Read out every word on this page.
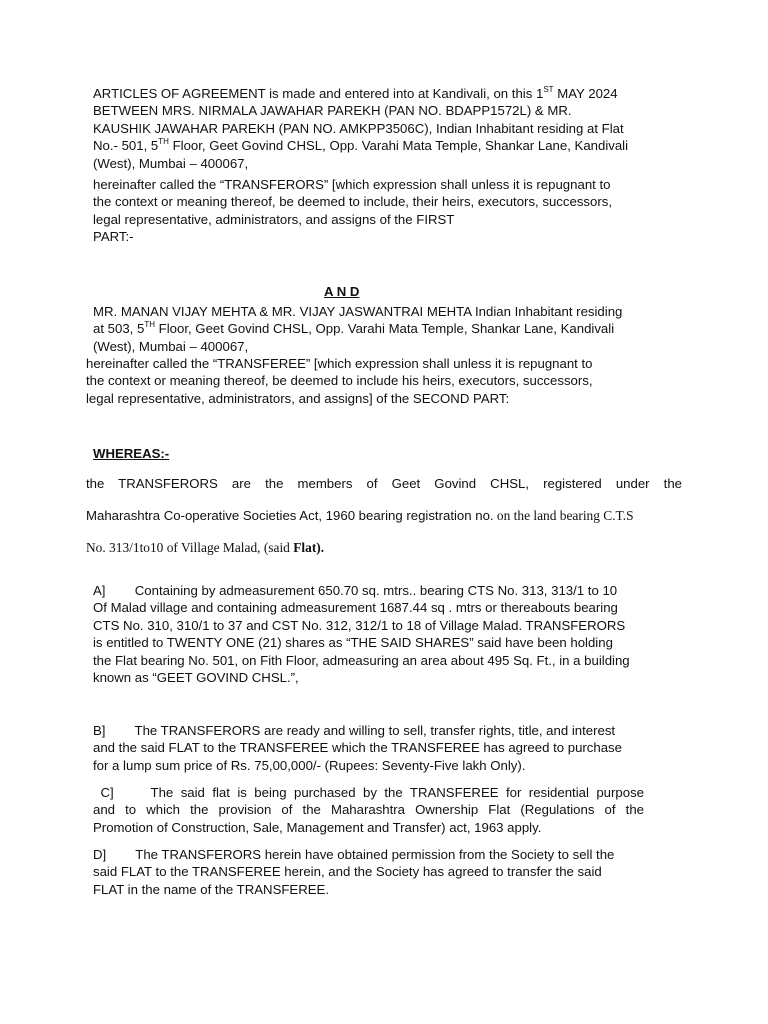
ARTICLES OF AGREEMENT is made and entered into at Kandivali, on this 1ST MAY 2024
BETWEEN MRS. NIRMALA JAWAHAR PAREKH (PAN NO. BDAPP1572L) & MR.
KAUSHIK JAWAHAR PAREKH (PAN NO. AMKPP3506C), Indian Inhabitant residing at Flat
No.- 501, 5TH Floor, Geet Govind CHSL, Opp. Varahi Mata Temple, Shankar Lane, Kandivali
(West), Mumbai – 400067,
hereinafter called the “TRANSFERORS” [which expression shall unless it is repugnant to
the context or meaning thereof, be deemed to include, their heirs, executors, successors,
legal representative, administrators, and assigns of the FIRST
PART:-
A N D
MR. MANAN VIJAY MEHTA & MR. VIJAY JASWANTRAI MEHTA Indian Inhabitant residing
at 503, 5TH Floor, Geet Govind CHSL, Opp. Varahi Mata Temple, Shankar Lane, Kandivali
(West), Mumbai – 400067,
hereinafter called the “TRANSFEREE” [which expression shall unless it is repugnant to
the context or meaning thereof, be deemed to include his heirs, executors, successors,
legal representative, administrators, and assigns] of the SECOND PART:
WHEREAS:-
the TRANSFERORS are the members of Geet Govind CHSL, registered under the
Maharashtra Co-operative Societies Act, 1960 bearing registration no. on the land bearing C.T.S
No. 313/1to10 of Village Malad, (said Flat).
A]        Containing by admeasurement 650.70 sq. mtrs.. bearing CTS No. 313, 313/1 to 10
Of Malad village and containing admeasurement 1687.44 sq . mtrs or thereabouts bearing
CTS No. 310, 310/1 to 37 and CST No. 312, 312/1 to 18 of Village Malad. TRANSFERORS
is entitled to TWENTY ONE (21) shares as “THE SAID SHARES” said have been holding
the Flat bearing No. 501, on Fith Floor, admeasuring an area about 495 Sq. Ft., in a building
known as “GEET GOVIND CHSL.”,
B]        The TRANSFERORS are ready and willing to sell, transfer rights, title, and interest
and the said FLAT to the TRANSFEREE which the TRANSFEREE has agreed to purchase
for a lump sum price of Rs. 75,00,000/- (Rupees: Seventy-Five lakh Only).
C]     The said flat is being purchased by the TRANSFEREE for residential purpose
and to which the provision of the Maharashtra Ownership Flat (Regulations of the
Promotion of Construction, Sale, Management and Transfer) act, 1963 apply.
D]        The TRANSFERORS herein have obtained permission from the Society to sell the
said FLAT to the TRANSFEREE herein, and the Society has agreed to transfer the said
FLAT in the name of the TRANSFEREE.
